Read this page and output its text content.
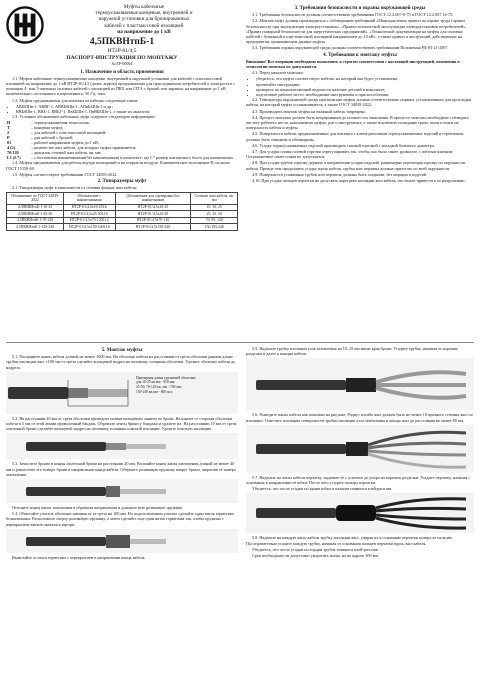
Муфты кабельные
термоусаживаемые концевые, внутренней и
наружной установки для бронированных
кабелей с пластмассовой изоляцией
на напряжение до 1 кВ
4,5ПКВНтпБ-1
НТ2Р-01/4,5
ПАСПОРТ-ИНСТРУКЦИЯ ПО МОНТАЖУ
№ ЕР-00004
1. Назначение и область применения

1.1. Муфты кабельные термоусаживаемые концевые, внутренней и наружной установки для кабелей с пластмассовой изоляцией на напряжение до 1 кВ НТ2Р-01/4,5 (далее–муфты) предназначены для присоединения потребителей к электросети с помощью 4- или 5-жильных силовых кабелей с изоляцией из ПВХ или СПЭ, с броней или экраном, на напряжение до 1 кВ включительно, постоянного и переменного, 50 Гц, тока.

1.2. Муфты предназначены для монтажа на кабелях следующих типов:

• АВББШв-1, АВВГ-1, АВВБбШв-1, АПвББШв-1 и др.;
• ВВБбШв-1, ВВБ-1, ВВБГ-1, ПвББШв-1, ПвВББШв-1, а также их аналогов.

1.3. Условное обозначение кабельных муфт содержит следующую информацию:

Н	– термоусаживаемая технология;
Т	– концевая муфта;
2	– для кабелей с пластмассовой изоляцией;
Р	– для кабелей с броней;
01	– рабочее напряжение муфты до 1 кВ;
4 (5)	– количество жил кабеля, для которых муфта применяется;
70/120	– диапазон сечений жил кабеля, кв. мм;
L1 (L*)	– с болтовыми наконечниками(без наконечников) в комплекте, где L* размер контактного болта для наконечника.

1.4. Муфты предназначены для работы внутри помещений и на открытом воздухе. Климатическое исполнение В согласно ГОСТ 15150-69.

1.5. Муфты соответствуют требованиям ГОСТ 34839-2022.

2. Типоразмеры муфт

2.1. Типоразмеры муфт в зависимости от сечения фазных жил кабеля:

Обозначение по ГОСТ 34839-2022	Обозначение с наконечниками	Обозначение для сортировки без наконечников	Сечение жил кабеля, кв. мм
4,5ПКВНтпБ-1-10-25	НТ2Р-01/4,5х10-25L6	НТ2Р-01/4,5х10-25	10, 16, 25
4,5ПКВНтпБ-1-25-50	НТ2Р-01/4,5х25-50L10	НТ2Р-01/4,5х25-50	25, 35, 50
4,5ПКВНтпБ-1-70-120	НТ2Р-01/4,5х70-120L12	НТ2Р-01/4,5х70-120	70, 95, 120
4,5ПКВНтпБ-1-150-240	НТ2Р-01/4,5х150-240L16	НТ2Р-01/4,5х150-240	150,185,240
3. Требования безопасности и охраны окружающей среды

3.1. Требования безопасности должны соответствовать требованиям ГОСТ 12.2.007-0-75 и ГОСТ 12.2.007.14-75.

3.2. Монтаж муфт должен производиться с соблюдением требований «Межотраслевых правил по охране труда (правил безопасности) при эксплуатации электроустановок», «Правил технической эксплуатации электроустановок потребителей», «Правил пожарной безопасности для энергетических предприятий», «Технической документации на муфты для силовых кабелей с бумажной и пластмассовой изоляцией напряжением до 10 кВ», а также правил и инструкций, действующих на предприятии, применяющем данные муфты.

3.3. Требования охраны окружающей среды должны соответствовать требованиям Положения РД-03-21-2007.

4. Требования к монтажу муфты

Внимание! Все операции необходимо выполнять в строгом соответствии с настоящей инструкцией, изменения в технологии монтажа не допускаются.

4.1. Перед началом монтажа:

• убедитесь, что муфта соответствует кабелю, на который она будет установлена;
• прочитайте инструкцию;
• проверьте по комплектовочной ведомости наличие деталей в комплекте;
• подготовьте рабочее место, необходимые инструменты и приспособления;

4.2. Температура окружающей среды при монтаже муфты должна соответствовать нормам, установленным для прокладки кабеля, на который муфта устанавливается, а также ГОСТ 34839-2022.

4.3. Производить монтаж муфты на влажный кабель запрещено.

4.4. Процесс монтажа должен быть непрерывным до полного его окончания. В процессе монтажа необходимо соблюдать чистоту рабочего места, компонентов муфты, рук и инструмента, а также исключить попадание грязи, пыли и влаги на поверхность кабеля и муфты.

4.5. Поверхности кабеля, предназначенные для контакта с клеем-расплавом термоусаживаемых изделий и герметиком, должны быть очищены и обезжирены.

4.6. Усадку термоусаживаемых изделий производить газовой горелкой с насадкой большого диаметра.

4.7. Для усадки пламя газовой горелки отрегулировать так, чтобы оно было синее, размытое, с жёлтым язычком. Остроконечное синее пламя не допускается.

4.8. При усадке трубок горелку держать в направлении усадки изделий, равномерно перемещая горелку по окружности кабеля. Прежде чем продолжить усадку вдоль кабеля, трубка или перчатка должна прилегать по всей окружности.

4.9. Поверхности усаженных трубок или перчаток должны быть гладкими, без морщин и вздутий.

4.10. При усадке пальцев перчатки не допускать перегрева изоляции жил кабеля, что может привести к ее разрушению.

5. Монтаж муфты

5.1. Распрямите конец кабеля длиной не менее 1000 мм. На оболочке кабеля на расстоянии от среза оболочки равном длине трубки изоляции жил +100 мм от среза сделайте кольцевой надрез на половину толщины оболочки. Удалите оболочку кабеля до надреза.

Примерная длина удаляемой оболочки:
для 10-25 кв.мм - 650 мм;
25-50, 70-120 кв. мм - 700 мм;
150-240 кв.мм - 800 мм;

5.2. На расстоянии 40 мм от среза оболочки проведите новым кольцевым ланием по броне. Наложите со стороны оболочки кабеля в 5 мм от этой линии проволочный бандаж. Обрежьте ленты брони у бандажа и удалите их. На расстоянии 10 мм от среза ленточной брони сделайте кольцевой надрез на половину толщины поясной изоляции. Удалите поясную изоляцию.

5.3. Зачистите броню и концы ленточной брони на расстоянии 20 мм. Распаяйте конец жилы заземления длиной не менее 40 мм и разместите его поверх брони в направлении конца кабеля. Оберните роликовую пружину вокруг брони, закрепив её поверх заземления.

Отогните конец жилы заземления в обратном направлении и дожмите всю роликовую пружину.

5.4. Обмотайте участок оболочки начиная от ее среза на 100 мм. На подготовленном участке сделайте один виток герметика безналичным. Расположите сверху роликовую пружину, а затем сделайте еще один виток герметика так, чтобы пружина с перекрытием витков оказалась внутри.

Вымотайте остатки герметика с перекрытием в направлении конца кабеля.

5.5. Наденьте трубку изоляции узла заземления на 10–15 мм выше края брони. Усадите трубку, начиная от корешка разделки и далее к концам кабеля.

5.6. Разведите жилы кабеля как показано на рисунке. Радиус изгиба жил должен быть не менее 10-кратного сечения жил по изоляции. Очистите изоляцию поверхности трубки изоляции узла заземления и концы жил до расстояния не менее 80 мм.

5.7. Наденьте на жилы кабеля перчатку, наденьте её с усилием до упора на корешок разделки. Усадите перчатку, начиная с основания в направлении её юбки. После чего усадите пальцы перчатки.

Убедитесь, что после усадки по краям юбки и пальцев появился клей-расплав.

5.8. Наденьте на каждую жилу кабеля трубку изоляции жил, упирая их в основание перчатки поверх ее пальцев. Последовательно усадите каждую трубку, начиная от основания пальцев перчатки вдоль жил кабеля.

Убедитесь, что после усадки по торцам трубок появился клей-расплав.

Срок необходимости допустимо укоротить жилы, но не короче 300 мм.
